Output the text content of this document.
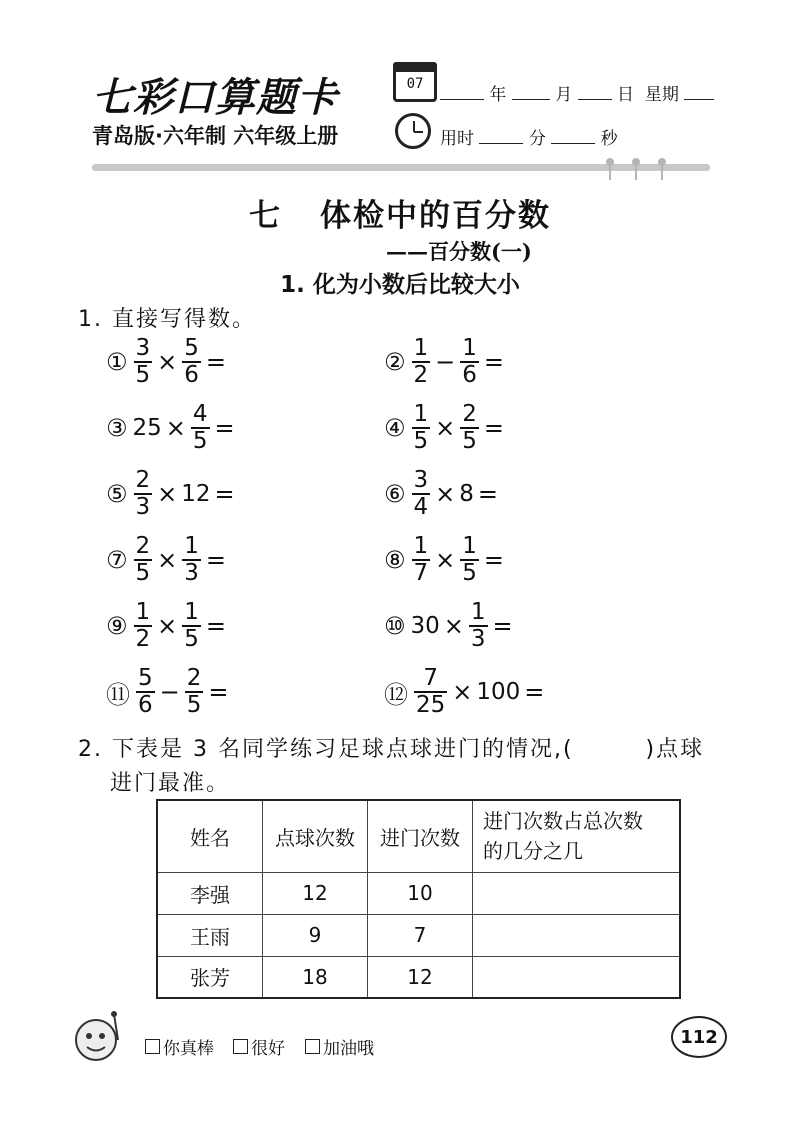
七彩口算题卡
青岛版·六年制 六年级上册
07
年	月	日 星期
用时	分	秒
七 体检中的百分数
——百分数(一)
1. 化为小数后比较大小
1. 直接写得数。
① $\frac{3}{5} \times \frac{5}{6}$ =	② $\frac{1}{2} - \frac{1}{6}$ =
③ $25 \times \frac{4}{5}$ =	④ $\frac{1}{5} \times \frac{2}{5}$ =
⑤ $\frac{2}{3} \times 12$ =	⑥ $\frac{3}{4} \times 8$ =
⑦ $\frac{2}{5} \times \frac{1}{3}$ =	⑧ $\frac{1}{7} \times \frac{1}{5}$ =
⑨ $\frac{1}{2} \times \frac{1}{5}$ =	⑩ $30 \times \frac{1}{3}$ =
⑪ $\frac{5}{6} - \frac{2}{5}$ =	⑫ $\frac{7}{25} \times 100$ =
2. 下表是 3 名同学练习足球点球进门的情况,(　　　)点球
进门最准。
姓名	点球次数	进门次数	进门次数占总次数
的几分之几

李强	12	10	
王雨	9	7	
张芳	18	12	
你真棒 很好 加油哦
112
